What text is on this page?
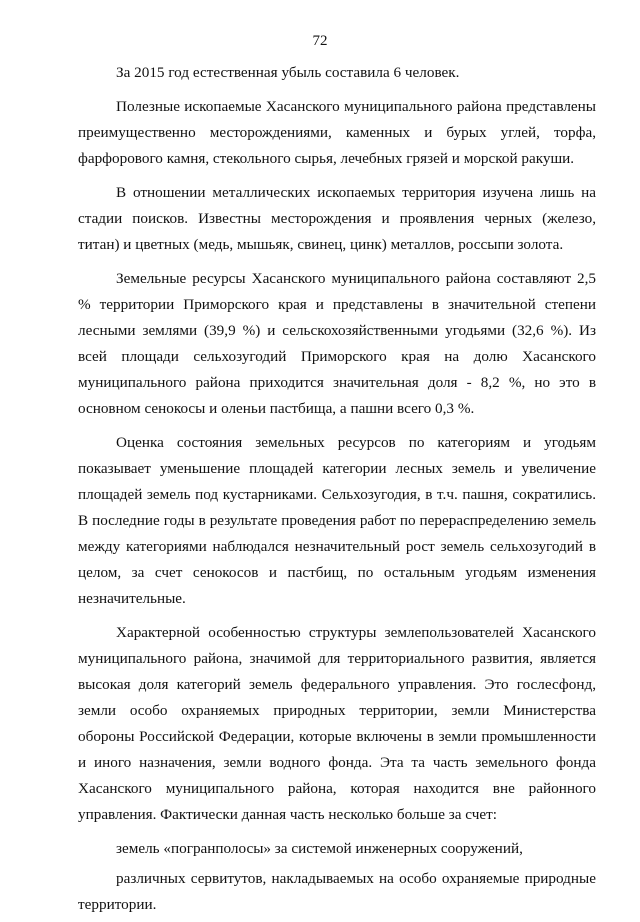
72

За 2015 год естественная убыль составила 6 человек.

Полезные ископаемые Хасанского муниципального района представлены преимущественно месторождениями, каменных и бурых углей, торфа, фарфорового камня, стекольного сырья, лечебных грязей и морской ракуши.

В отношении металлических ископаемых территория изучена лишь на стадии поисков. Известны месторождения и проявления черных (железо, титан) и цветных (медь, мышьяк, свинец, цинк) металлов, россыпи золота.

Земельные ресурсы Хасанского муниципального района составляют 2,5 % территории Приморского края и представлены в значительной степени лесными землями (39,9 %) и сельскохозяйственными угодьями (32,6 %). Из всей площади сельхозугодий Приморского края на долю Хасанского муниципального района приходится значительная доля - 8,2 %, но это в основном сенокосы и оленьи пастбища, а пашни всего 0,3 %.

Оценка состояния земельных ресурсов по категориям и угодьям показывает уменьшение площадей категории лесных земель и увеличение площадей земель под кустарниками. Сельхозугодия, в т.ч. пашня, сократились. В последние годы в результате проведения работ по перераспределению земель между категориями наблюдался незначительный рост земель сельхозугодий в целом, за счет сенокосов и пастбищ, по остальным угодьям изменения незначительные.

Характерной особенностью структуры землепользователей Хасанского муниципального района, значимой для территориального развития, является высокая доля категорий земель федерального управления. Это гослесфонд, земли особо охраняемых природных территории, земли Министерства обороны Российской Федерации, которые включены в земли промышленности и иного назначения, земли водного фонда. Эта та часть земельного фонда Хасанского муниципального района, которая находится вне районного управления. Фактически данная часть несколько больше за счет:

земель «погранполосы» за системой инженерных сооружений,

различных сервитутов, накладываемых на особо охраняемые природные территории.
